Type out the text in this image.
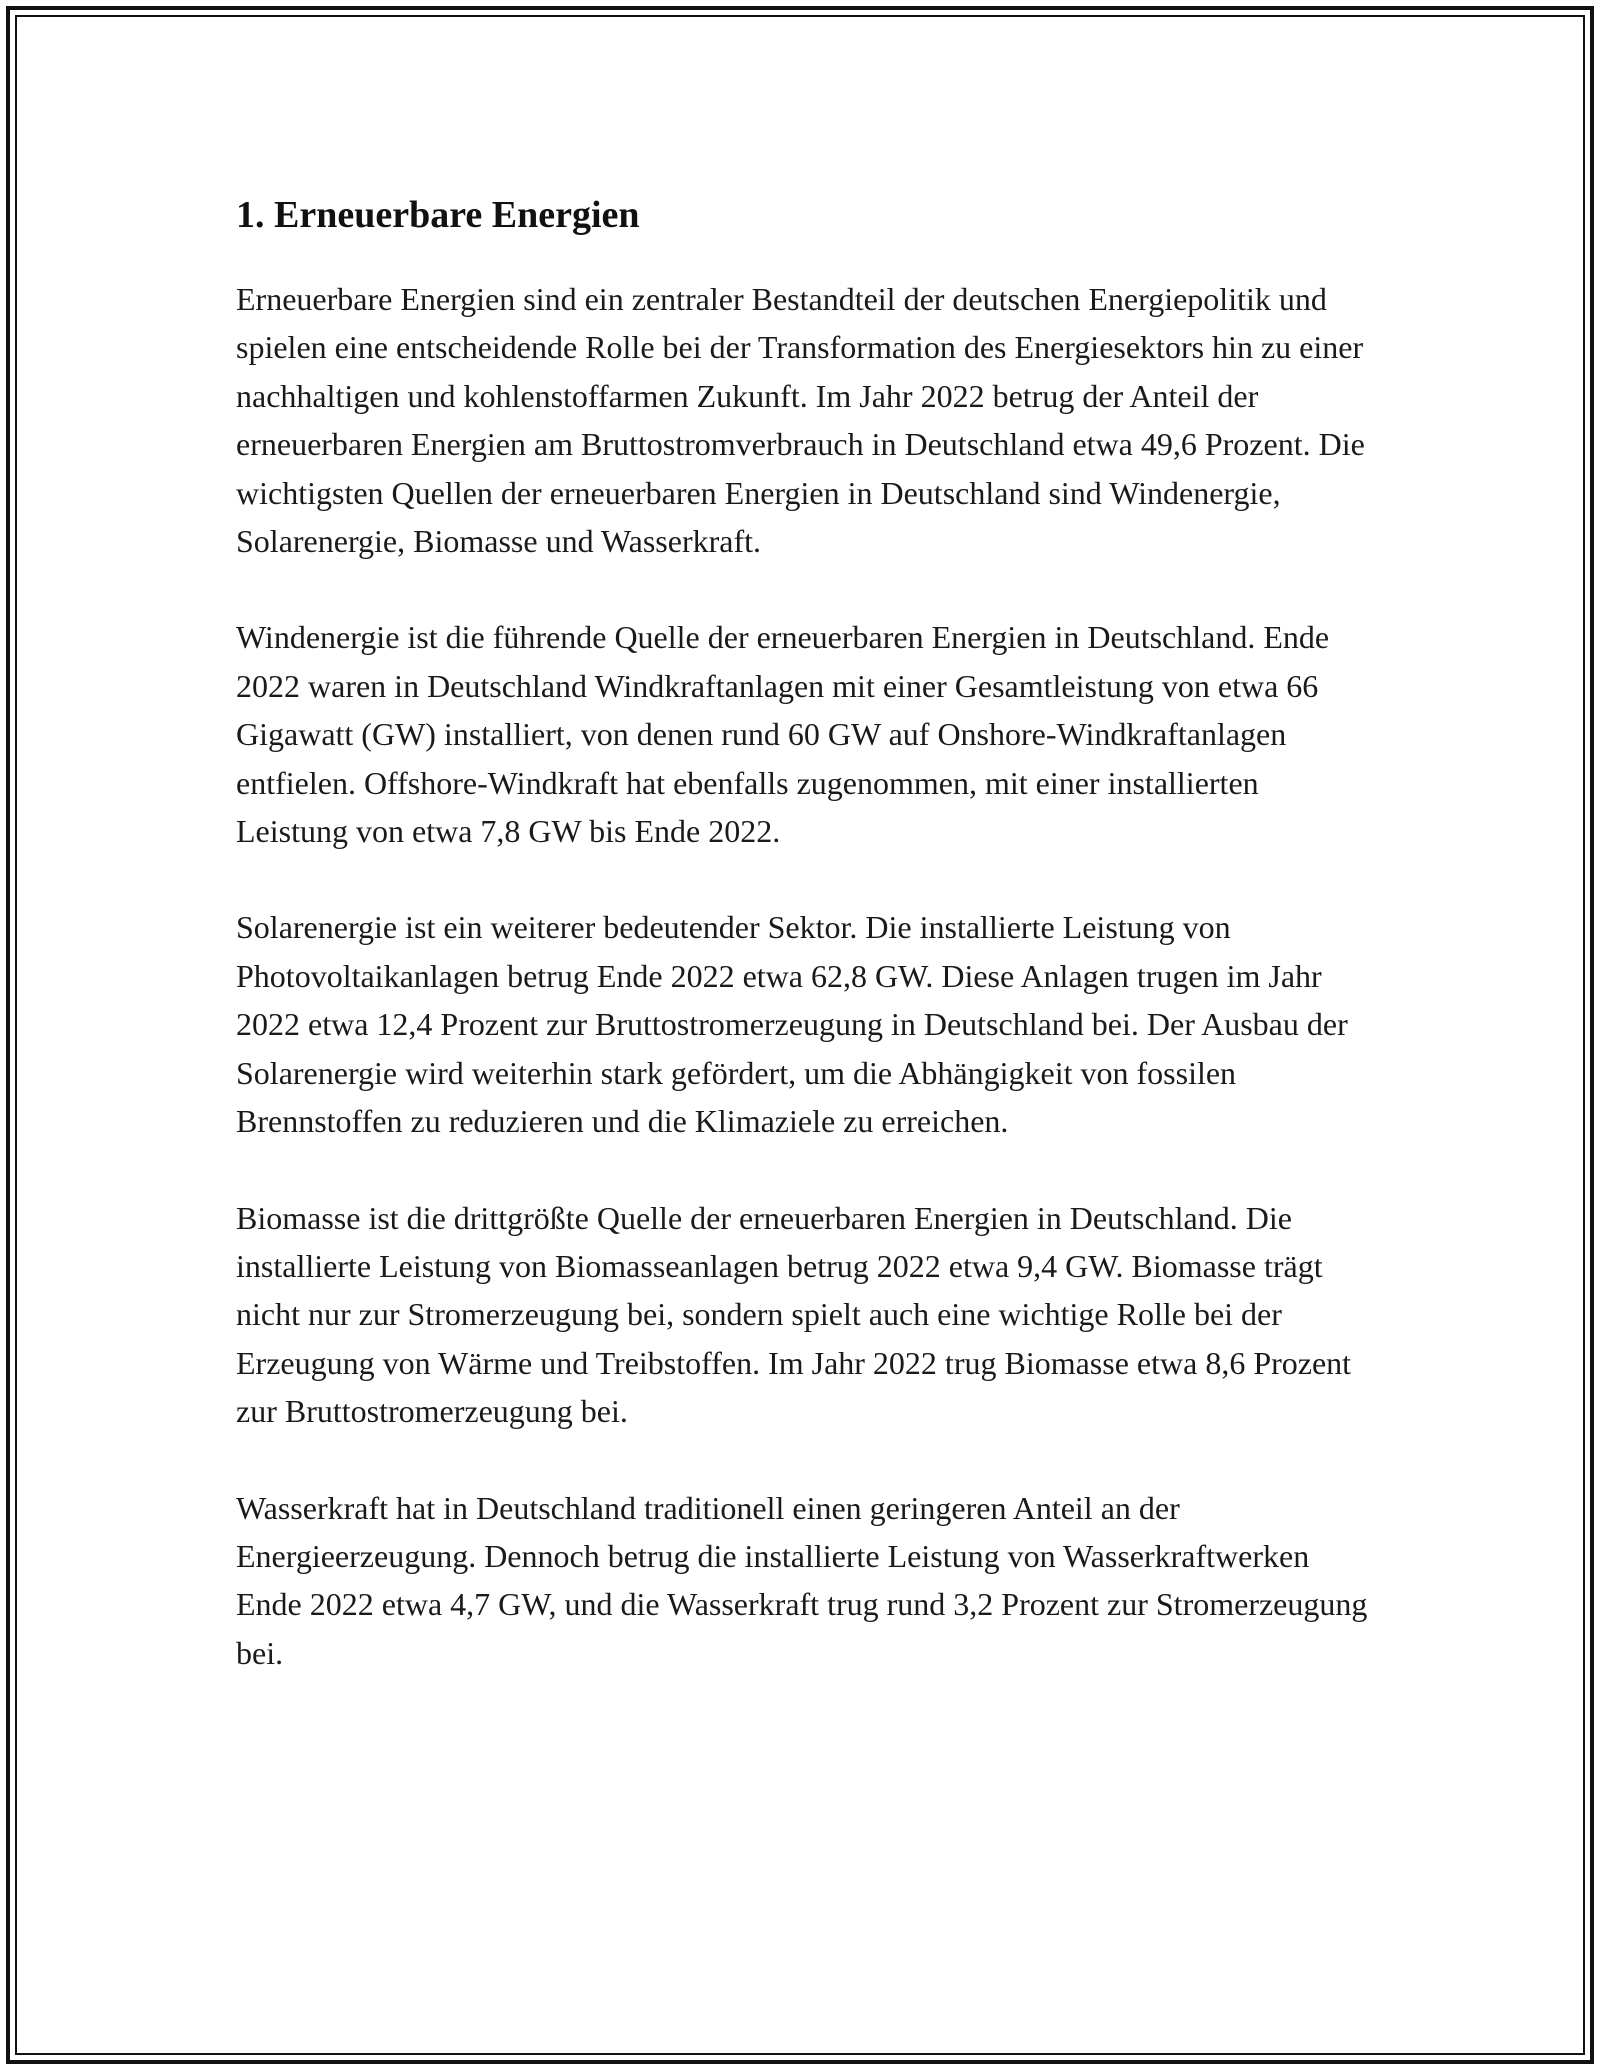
1. Erneuerbare Energien

Erneuerbare Energien sind ein zentraler Bestandteil der deutschen Energiepolitik und spielen eine entscheidende Rolle bei der Transformation des Energiesektors hin zu einer nachhaltigen und kohlenstoffarmen Zukunft. Im Jahr 2022 betrug der Anteil der erneuerbaren Energien am Bruttostromverbrauch in Deutschland etwa 49,6 Prozent. Die wichtigsten Quellen der erneuerbaren Energien in Deutschland sind Windenergie, Solarenergie, Biomasse und Wasserkraft.

Windenergie ist die führende Quelle der erneuerbaren Energien in Deutschland. Ende 2022 waren in Deutschland Windkraftanlagen mit einer Gesamtleistung von etwa 66 Gigawatt (GW) installiert, von denen rund 60 GW auf Onshore-Windkraftanlagen entfielen. Offshore-Windkraft hat ebenfalls zugenommen, mit einer installierten Leistung von etwa 7,8 GW bis Ende 2022.

Solarenergie ist ein weiterer bedeutender Sektor. Die installierte Leistung von Photovoltaikanlagen betrug Ende 2022 etwa 62,8 GW. Diese Anlagen trugen im Jahr 2022 etwa 12,4 Prozent zur Bruttostromerzeugung in Deutschland bei. Der Ausbau der Solarenergie wird weiterhin stark gefördert, um die Abhängigkeit von fossilen Brennstoffen zu reduzieren und die Klimaziele zu erreichen.

Biomasse ist die drittgrößte Quelle der erneuerbaren Energien in Deutschland. Die installierte Leistung von Biomasseanlagen betrug 2022 etwa 9,4 GW. Biomasse trägt nicht nur zur Stromerzeugung bei, sondern spielt auch eine wichtige Rolle bei der Erzeugung von Wärme und Treibstoffen. Im Jahr 2022 trug Biomasse etwa 8,6 Prozent zur Bruttostromerzeugung bei.

Wasserkraft hat in Deutschland traditionell einen geringeren Anteil an der Energieerzeugung. Dennoch betrug die installierte Leistung von Wasserkraftwerken Ende 2022 etwa 4,7 GW, und die Wasserkraft trug rund 3,2 Prozent zur Stromerzeugung bei.
